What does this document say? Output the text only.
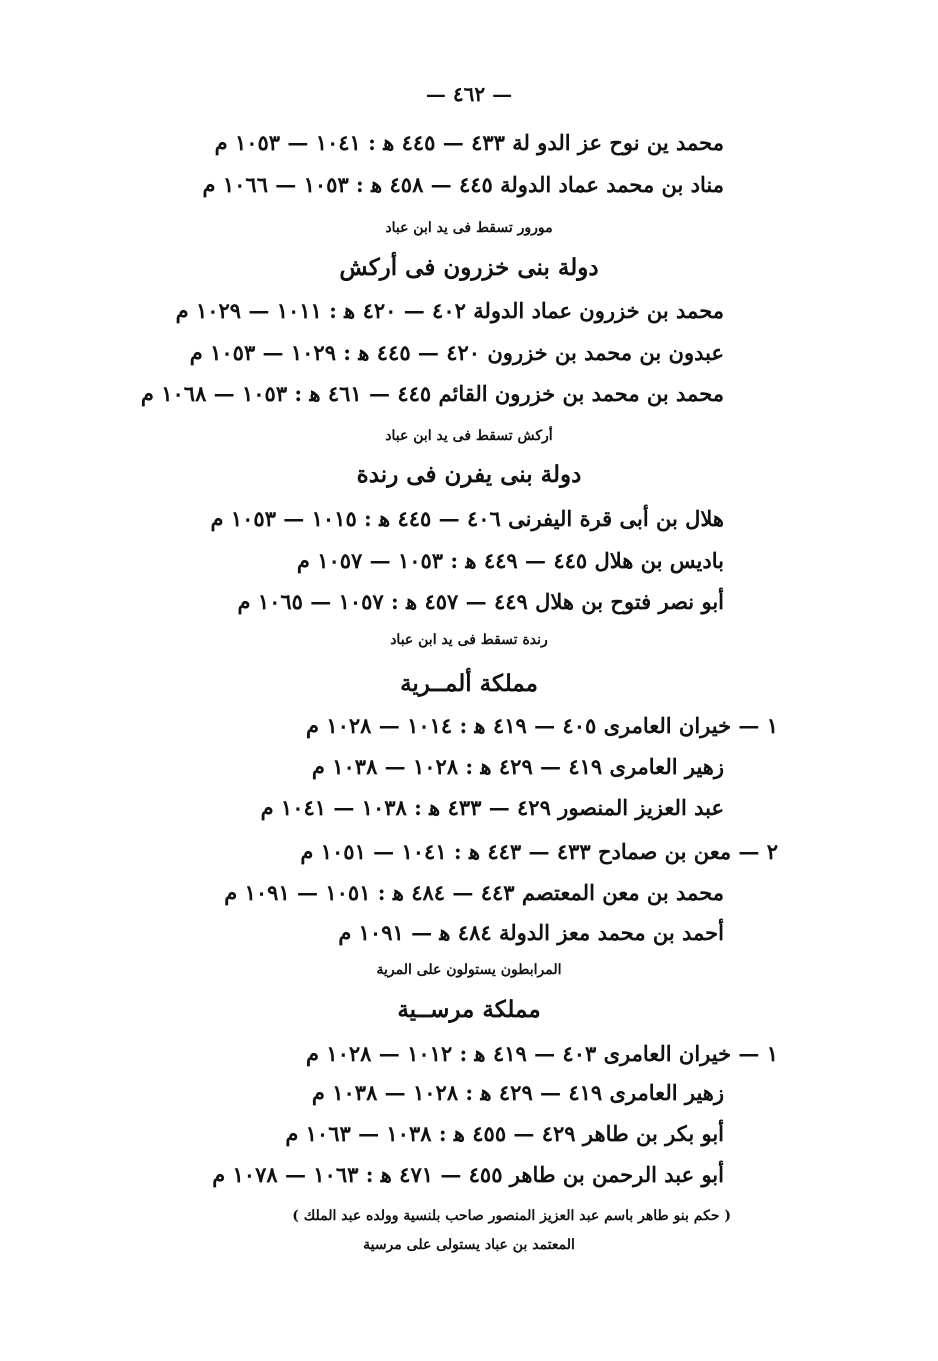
— ٤٦٢ —
محمد ين نوح عز الدو لة ٤٣٣ — ٤٤٥ ﻫ : ١٠٤١ — ١٠٥٣ م
مناد بن محمد عماد الدولة ٤٤٥ — ٤٥٨ ﻫ : ١٠٥٣ — ١٠٦٦ م
مورور تسقط فى يد ابن عباد
دولة بنى خزرون فى أركش
محمد بن خزرون عماد الدولة ٤٠٢ — ٤٢٠ ﻫ : ١٠١١ — ١٠٢٩ م
عبدون بن محمد بن خزرون ٤٢٠ — ٤٤٥ ﻫ : ١٠٢٩ — ١٠٥٣ م
محمد بن محمد بن خزرون القائم ٤٤٥ — ٤٦١ ﻫ : ١٠٥٣ — ١٠٦٨ م
أركش تسقط فى يد ابن عباد
دولة بنى يفرن فى رندة
هلال بن أبى قرة اليفرنى ٤٠٦ — ٤٤٥ ﻫ : ١٠١٥ — ١٠٥٣ م
باديس بن هلال ٤٤٥ — ٤٤٩ ﻫ : ١٠٥٣ — ١٠٥٧ م
أبو نصر فتوح بن هلال ٤٤٩ — ٤٥٧ ﻫ : ١٠٥٧ — ١٠٦٥ م
رندة تسقط فى يد ابن عباد
مملكة ألمــرية
١ — خيران العامرى ٤٠٥ — ٤١٩ ﻫ : ١٠١٤ — ١٠٢٨ م
زهير العامرى ٤١٩ — ٤٢٩ ﻫ : ١٠٢٨ — ١٠٣٨ م
عبد العزيز المنصور ٤٢٩ — ٤٣٣ ﻫ : ١٠٣٨ — ١٠٤١ م
٢ — معن بن صمادح ٤٣٣ — ٤٤٣ ﻫ : ١٠٤١ — ١٠٥١ م
محمد بن معن المعتصم ٤٤٣ — ٤٨٤ ﻫ : ١٠٥١ — ١٠٩١ م
أحمد بن محمد معز الدولة ٤٨٤ ﻫ — ١٠٩١ م
المرابطون يستولون على المرية
مملكة مرســية
١ — خيران العامرى ٤٠٣ — ٤١٩ ﻫ : ١٠١٢ — ١٠٢٨ م
زهير العامرى ٤١٩ — ٤٢٩ ﻫ : ١٠٢٨ — ١٠٣٨ م
أبو بكر بن طاهر ٤٢٩ — ٤٥٥ ﻫ : ١٠٣٨ — ١٠٦٣ م
أبو عبد الرحمن بن طاهر ٤٥٥ — ٤٧١ ﻫ : ١٠٦٣ — ١٠٧٨ م
( حكم بنو طاهر باسم عبد العزيز المنصور صاحب بلنسية وولده عبد الملك )
المعتمد بن عباد يستولى على مرسية
